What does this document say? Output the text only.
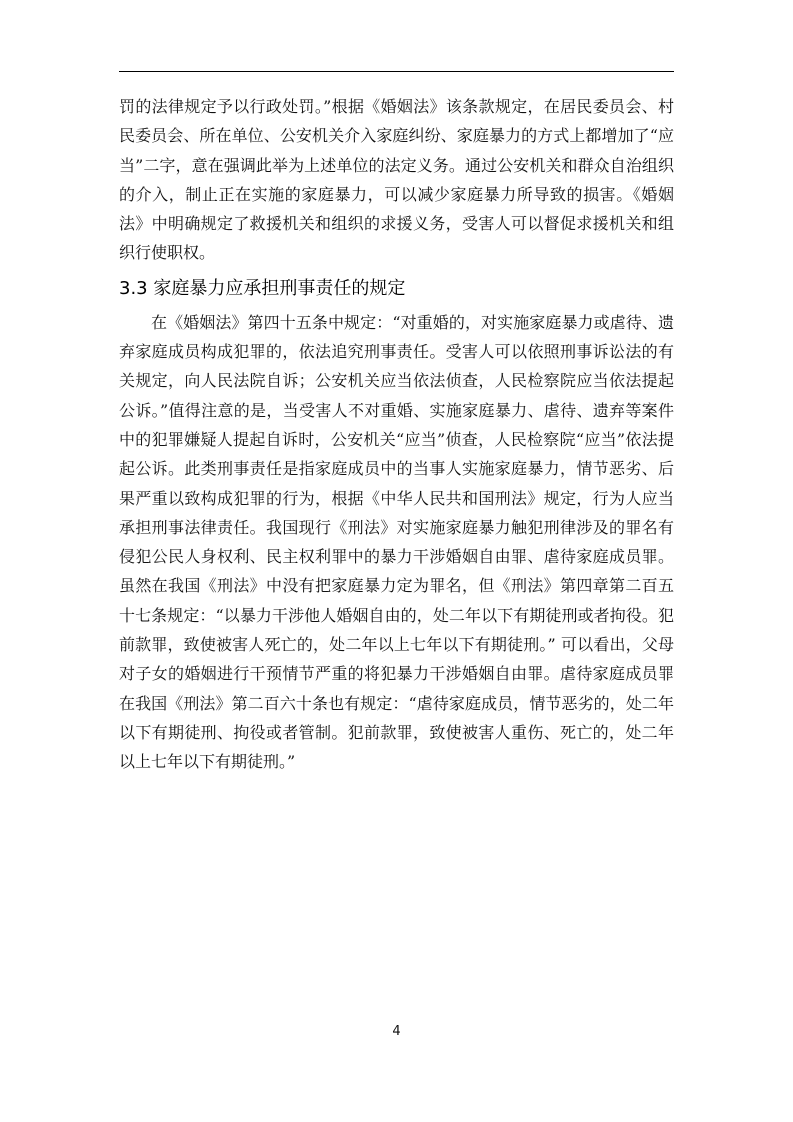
罚的法律规定予以行政处罚。”根据《婚姻法》该条款规定，在居民委员会、村民委员会、所在单位、公安机关介入家庭纠纷、家庭暴力的方式上都增加了“应当”二字，意在强调此举为上述单位的法定义务。通过公安机关和群众自治组织的介入，制止正在实施的家庭暴力，可以减少家庭暴力所导致的损害。《婚姻法》中明确规定了救援机关和组织的求援义务，受害人可以督促求援机关和组织行使职权。

3.3 家庭暴力应承担刑事责任的规定

在《婚姻法》第四十五条中规定：“对重婚的，对实施家庭暴力或虐待、遗弃家庭成员构成犯罪的，依法追究刑事责任。受害人可以依照刑事诉讼法的有关规定，向人民法院自诉；公安机关应当依法侦查，人民检察院应当依法提起公诉。”值得注意的是，当受害人不对重婚、实施家庭暴力、虐待、遗弃等案件中的犯罪嫌疑人提起自诉时，公安机关“应当”侦查，人民检察院“应当”依法提起公诉。此类刑事责任是指家庭成员中的当事人实施家庭暴力，情节恶劣、后果严重以致构成犯罪的行为，根据《中华人民共和国刑法》规定，行为人应当承担刑事法律责任。我国现行《刑法》对实施家庭暴力触犯刑律涉及的罪名有侵犯公民人身权利、民主权利罪中的暴力干涉婚姻自由罪、虐待家庭成员罪。虽然在我国《刑法》中没有把家庭暴力定为罪名，但《刑法》第四章第二百五十七条规定：“以暴力干涉他人婚姻自由的，处二年以下有期徒刑或者拘役。犯前款罪，致使被害人死亡的，处二年以上七年以下有期徒刑。” 可以看出，父母对子女的婚姻进行干预情节严重的将犯暴力干涉婚姻自由罪。虐待家庭成员罪在我国《刑法》第二百六十条也有规定：“虐待家庭成员，情节恶劣的，处二年以下有期徒刑、拘役或者管制。犯前款罪，致使被害人重伤、死亡的，处二年以上七年以下有期徒刑。”

4
